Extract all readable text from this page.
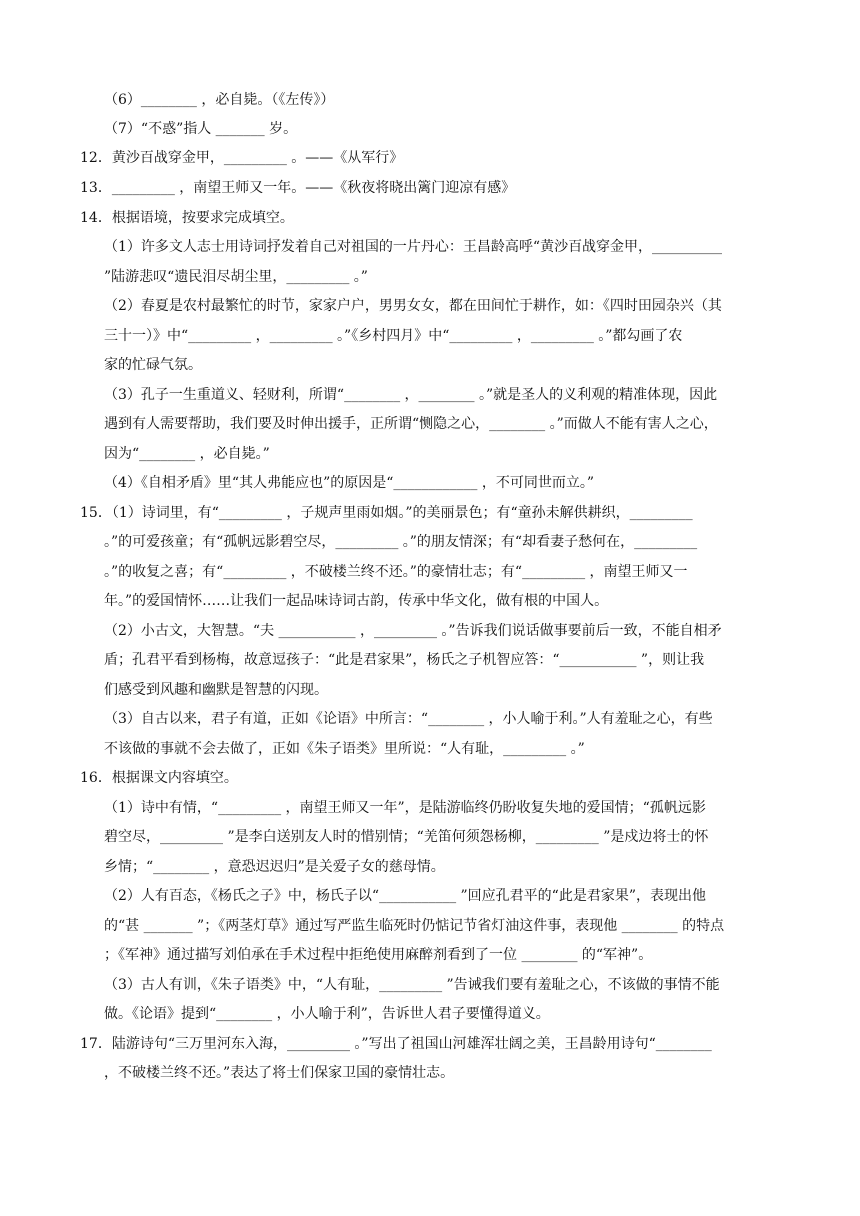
（6）________ ，必自毙。（《左传》）
（7）“不惑”指人 _______ 岁。
12．黄沙百战穿金甲，_________ 。——《从军行》
13．_________ ，南望王师又一年。——《秋夜将晓出篱门迎凉有感》
14．根据语境，按要求完成填空。
（1）许多文人志士用诗词抒发着自己对祖国的一片丹心：王昌龄高呼“黄沙百战穿金甲，__________
”陆游悲叹“遗民泪尽胡尘里，_________ 。”
（2）春夏是农村最繁忙的时节，家家户户，男男女女，都在田间忙于耕作，如：《四时田园杂兴（其
三十一）》中“_________ ，_________ 。”《乡村四月》中“_________ ，_________ 。”都勾画了农
家的忙碌气氛。
（3）孔子一生重道义、轻财利，所谓“________ ，________ 。”就是圣人的义利观的精准体现，因此
遇到有人需要帮助，我们要及时伸出援手，正所谓“恻隐之心，________ 。”而做人不能有害人之心，
因为“________ ，必自毙。”
（4）《自相矛盾》里“其人弗能应也”的原因是“____________ ，不可同世而立。”
15．（1）诗词里，有“_________ ，子规声里雨如烟。”的美丽景色；有“童孙未解供耕织，_________
。”的可爱孩童；有“孤帆远影碧空尽，_________ 。”的朋友情深；有“却看妻子愁何在，_________
。”的收复之喜；有“_________ ，不破楼兰终不还。”的豪情壮志；有“_________ ，南望王师又一
年。”的爱国情怀……让我们一起品味诗词古韵，传承中华文化，做有根的中国人。
（2）小古文，大智慧。“夫 ___________ ，_________ 。”告诉我们说话做事要前后一致，不能自相矛
盾；孔君平看到杨梅，故意逗孩子：“此是君家果”，杨氏之子机智应答：“___________ ”，则让我
们感受到风趣和幽默是智慧的闪现。
（3）自古以来，君子有道，正如《论语》中所言：“________ ，小人喻于利。”人有羞耻之心，有些
不该做的事就不会去做了，正如《朱子语类》里所说：“人有耻，_________ 。”
16．根据课文内容填空。
（1）诗中有情，“_________ ，南望王师又一年”，是陆游临终仍盼收复失地的爱国情；“孤帆远影
碧空尽，_________ ”是李白送别友人时的惜别情；“羌笛何须怨杨柳，_________ ”是戍边将士的怀
乡情；“________ ，意恐迟迟归”是关爱子女的慈母情。
（2）人有百态，《杨氏之子》中，杨氏子以“___________ ”回应孔君平的“此是君家果”，表现出他
的“甚 _______ ”；《两茎灯草》通过写严监生临死时仍惦记节省灯油这件事，表现他 ________ 的特点
；《军神》通过描写刘伯承在手术过程中拒绝使用麻醉剂看到了一位 ________ 的“军神”。
（3）古人有训，《朱子语类》中，“人有耻，_________ ”告诫我们要有羞耻之心，不该做的事情不能
做。《论语》提到“________ ，小人喻于利”，告诉世人君子要懂得道义。
17．陆游诗句“三万里河东入海，_________ 。”写出了祖国山河雄浑壮阔之美，王昌龄用诗句“________
，不破楼兰终不还。”表达了将士们保家卫国的豪情壮志。
